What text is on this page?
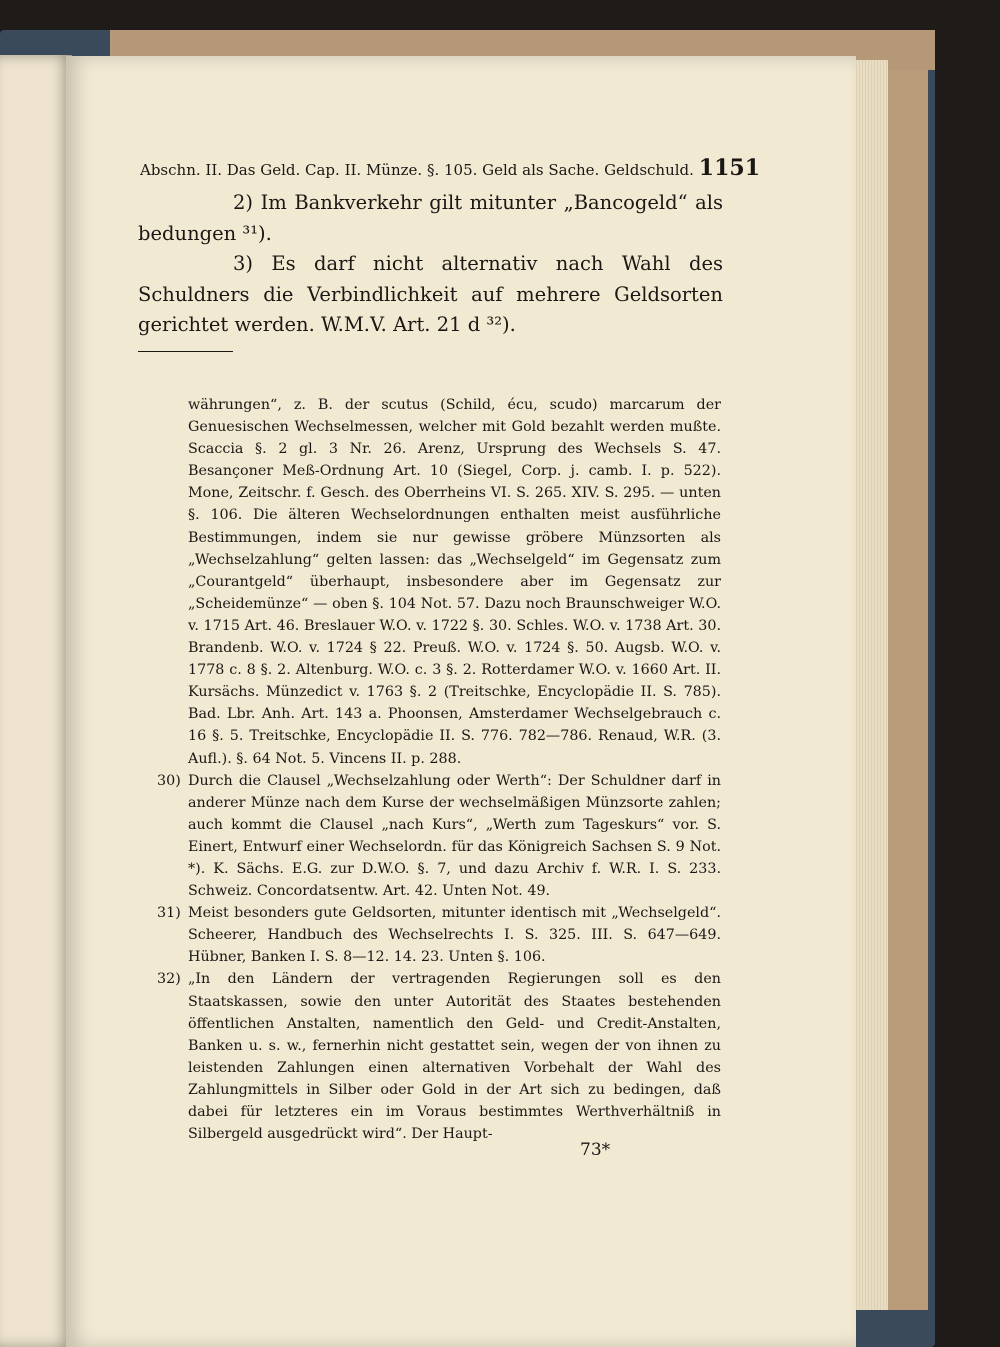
Abschn. II. Das Geld. Cap. II. Münze. §. 105. Geld als Sache. Geldschuld. 1151

2) Im Bankverkehr gilt mitunter „Bancogeld“ als bedungen ³¹).

3) Es darf nicht alternativ nach Wahl des Schuldners die Verbindlichkeit auf mehrere Geldsorten gerichtet werden. W.M.V. Art. 21 d ³²).

währungen“, z. B. der scutus (Schild, écu, scudo) marcarum der Genuesischen Wechselmessen, welcher mit Gold bezahlt werden mußte. Scaccia §. 2 gl. 3 Nr. 26. Arenz, Ursprung des Wechsels S. 47. Besançoner Meß-Ordnung Art. 10 (Siegel, Corp. j. camb. I. p. 522). Mone, Zeitschr. f. Gesch. des Oberrheins VI. S. 265. XIV. S. 295. — unten §. 106. Die älteren Wechselordnungen enthalten meist ausführliche Bestimmungen, indem sie nur gewisse gröbere Münzsorten als „Wechselzahlung“ gelten lassen: das „Wechselgeld“ im Gegensatz zum „Courantgeld“ überhaupt, insbesondere aber im Gegensatz zur „Scheidemünze“ — oben §. 104 Not. 57. Dazu noch Braunschweiger W.O. v. 1715 Art. 46. Breslauer W.O. v. 1722 §. 30. Schles. W.O. v. 1738 Art. 30. Brandenb. W.O. v. 1724 § 22. Preuß. W.O. v. 1724 §. 50. Augsb. W.O. v. 1778 c. 8 §. 2. Altenburg. W.O. c. 3 §. 2. Rotterdamer W.O. v. 1660 Art. II. Kursächs. Münzedict v. 1763 §. 2 (Treitschke, Encyclopädie II. S. 785). Bad. Lbr. Anh. Art. 143 a. Phoonsen, Amsterdamer Wechselgebrauch c. 16 §. 5. Treitschke, Encyclopädie II. S. 776. 782—786. Renaud, W.R. (3. Aufl.). §. 64 Not. 5. Vincens II. p. 288.

30) Durch die Clausel „Wechselzahlung oder Werth“: Der Schuldner darf in anderer Münze nach dem Kurse der wechselmäßigen Münzsorte zahlen; auch kommt die Clausel „nach Kurs“, „Werth zum Tageskurs“ vor. S. Einert, Entwurf einer Wechselordn. für das Königreich Sachsen S. 9 Not. *). K. Sächs. E.G. zur D.W.O. §. 7, und dazu Archiv f. W.R. I. S. 233. Schweiz. Concordatsentw. Art. 42. Unten Not. 49.

31) Meist besonders gute Geldsorten, mitunter identisch mit „Wechselgeld“. Scheerer, Handbuch des Wechselrechts I. S. 325. III. S. 647—649. Hübner, Banken I. S. 8—12. 14. 23. Unten §. 106.

32) „In den Ländern der vertragenden Regierungen soll es den Staatskassen, sowie den unter Autorität des Staates bestehenden öffentlichen Anstalten, namentlich den Geld- und Credit-Anstalten, Banken u. s. w., fernerhin nicht gestattet sein, wegen der von ihnen zu leistenden Zahlungen einen alternativen Vorbehalt der Wahl des Zahlungmittels in Silber oder Gold in der Art sich zu bedingen, daß dabei für letzteres ein im Voraus bestimmtes Werthverhältniß in Silbergeld ausgedrückt wird“. Der Haupt-

73*
